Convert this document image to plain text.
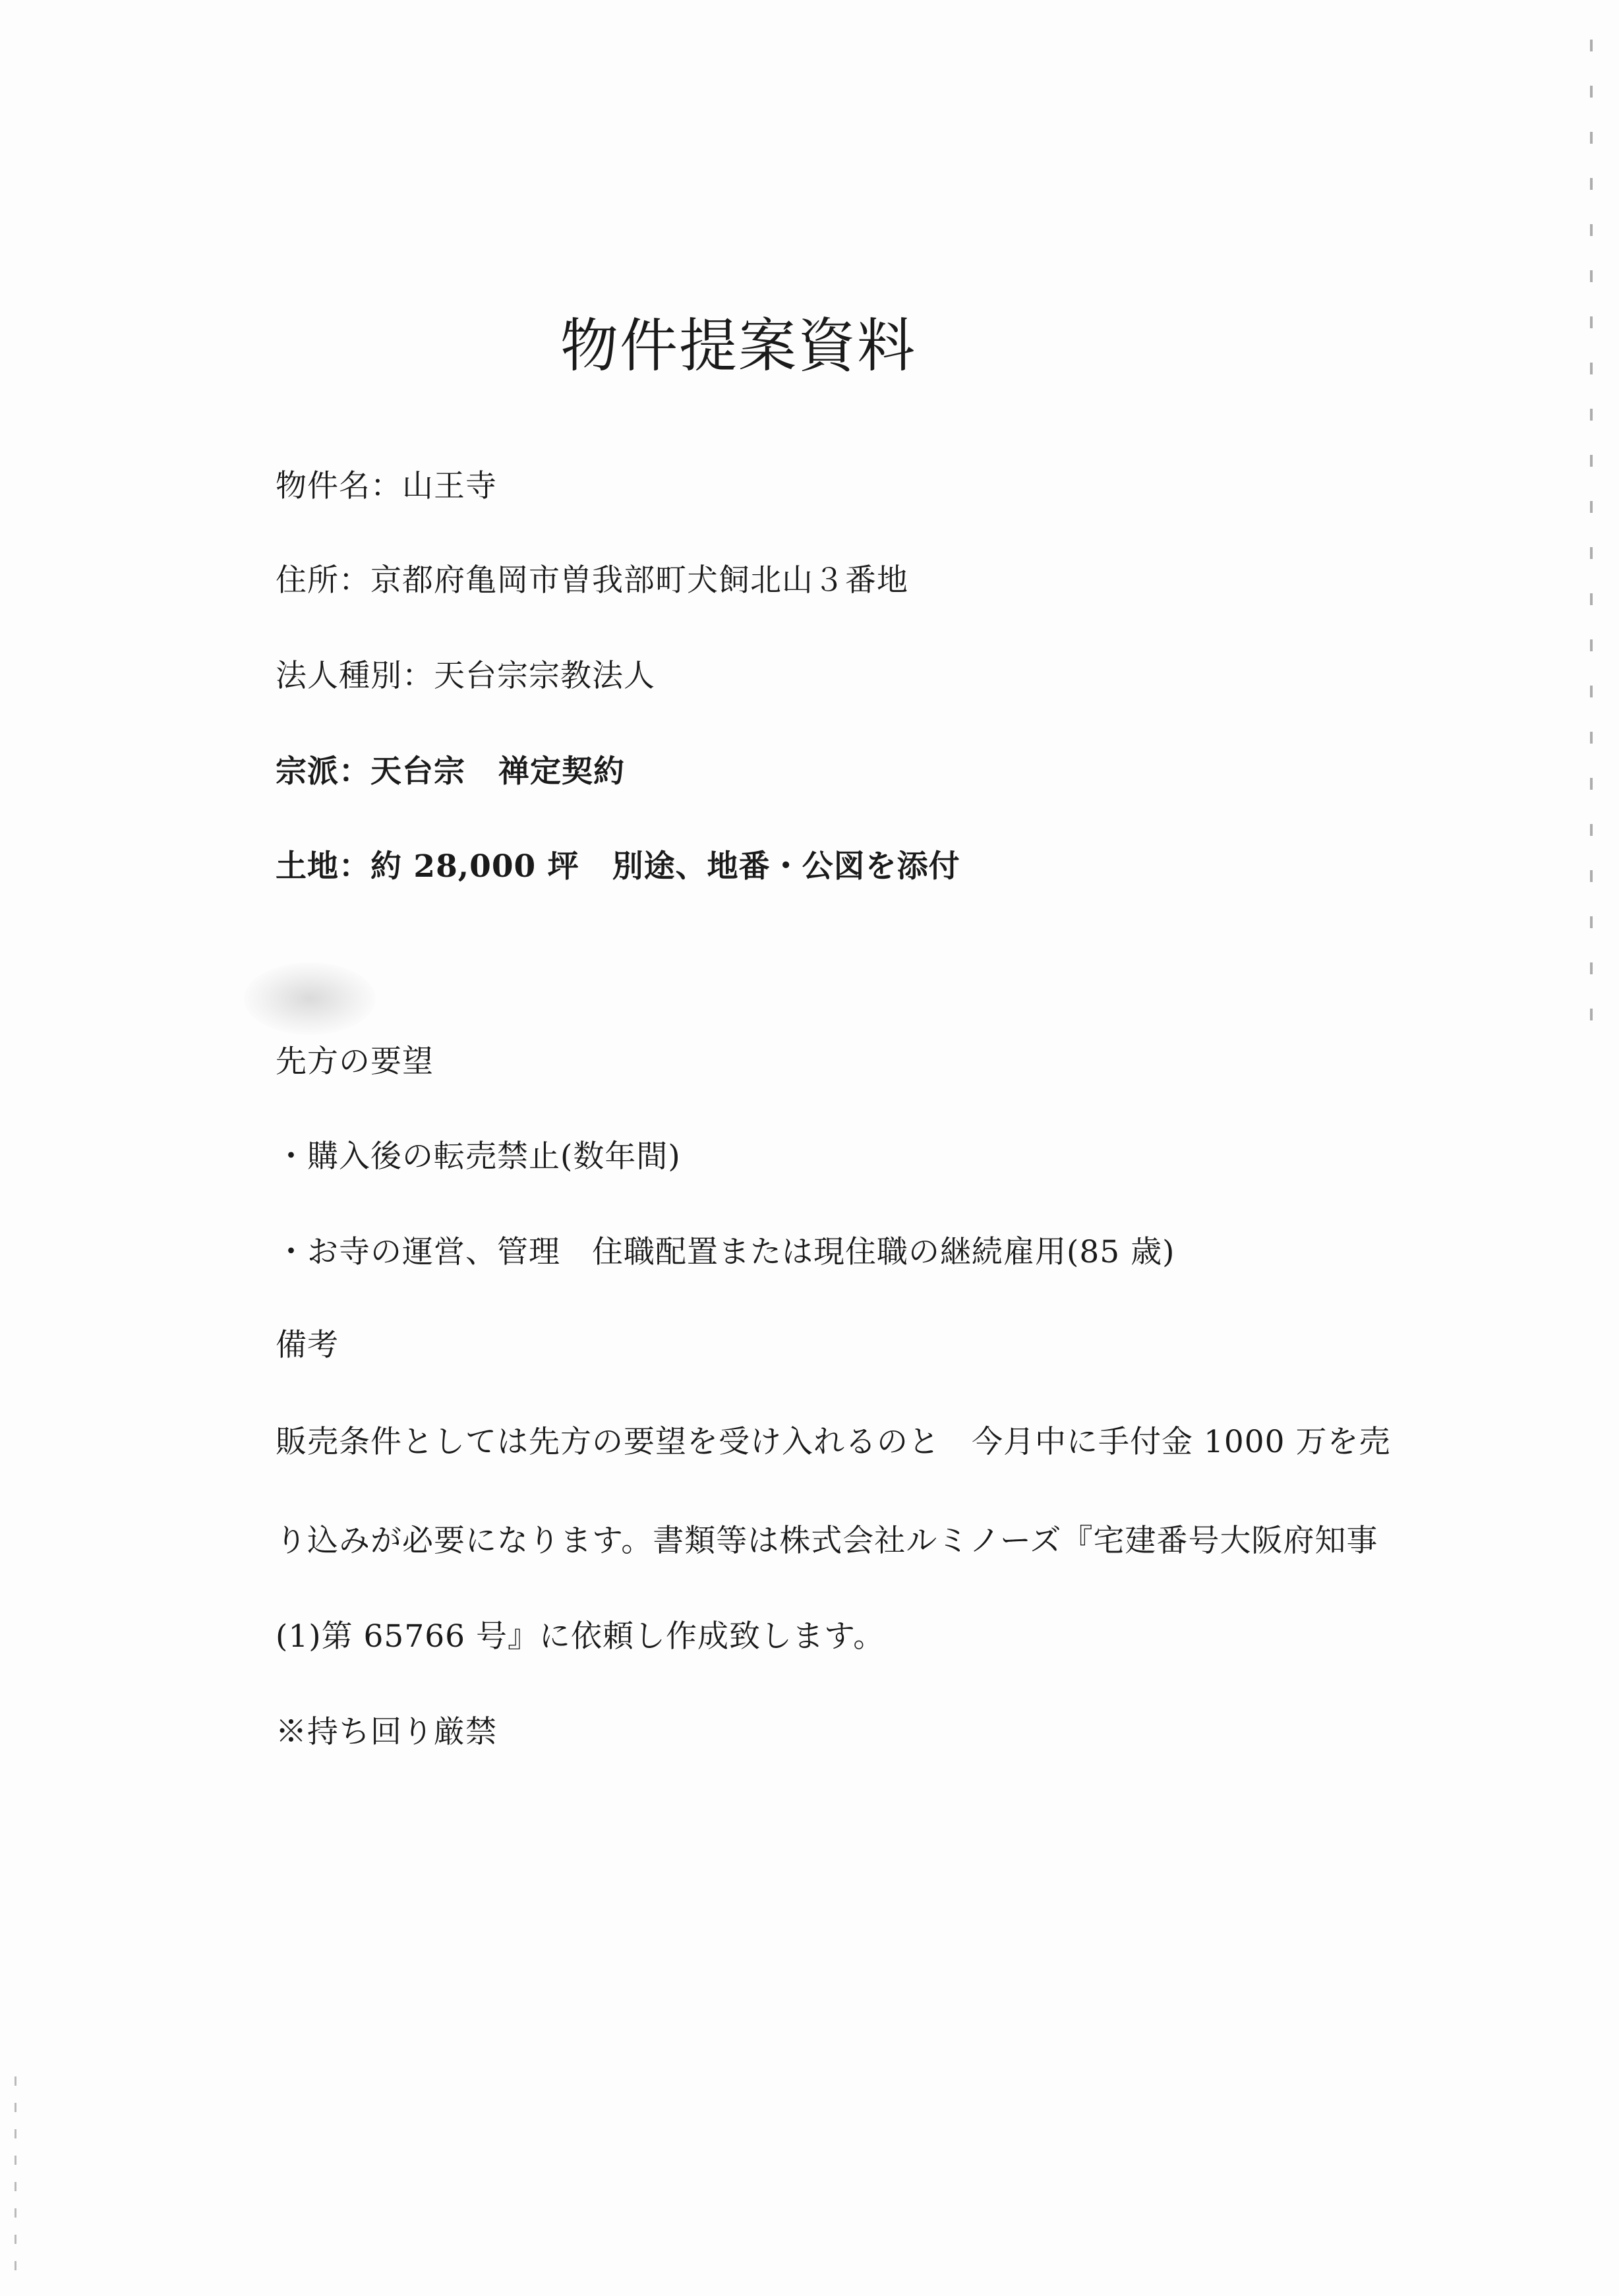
物件提案資料
物件名：山王寺
住所：京都府亀岡市曽我部町犬飼北山３番地
法人種別：天台宗宗教法人
宗派：天台宗 禅定契約
土地：約 28,000 坪 別途、地番・公図を添付
先方の要望
・購入後の転売禁止(数年間)
・お寺の運営、管理　住職配置または現住職の継続雇用(85 歳)
備考
販売条件としては先方の要望を受け入れるのと　今月中に手付金 1000 万を売
り込みが必要になります。書類等は株式会社ルミノーズ『宅建番号大阪府知事
(1)第 65766 号』に依頼し作成致します。
※持ち回り厳禁
